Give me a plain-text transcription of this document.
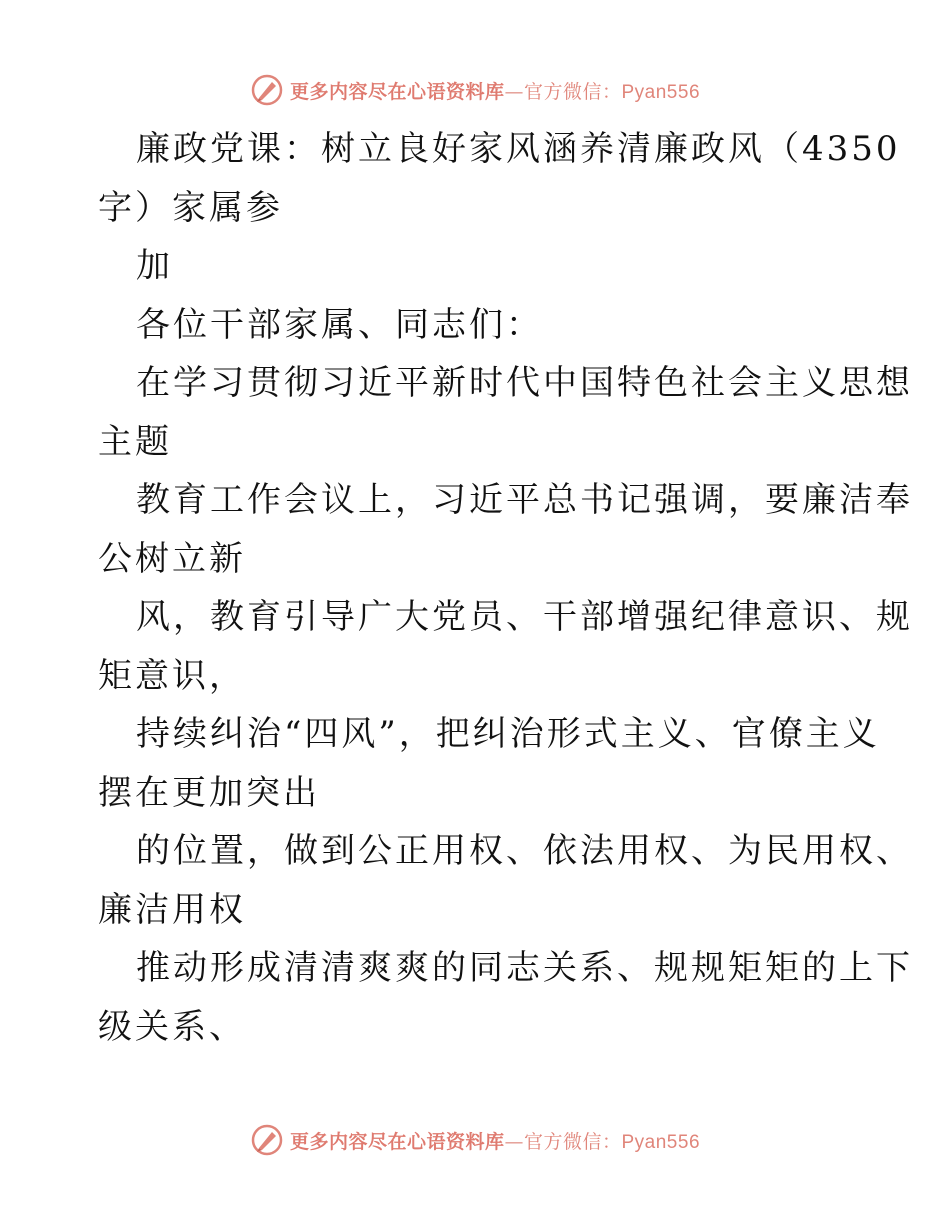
更多内容尽在心语资料库—官方微信：Pyan556
廉政党课：树立良好家风涵养清廉政风（4350
字）家属参
加
各位干部家属、同志们：
在学习贯彻习近平新时代中国特色社会主义思想
主题
教育工作会议上，习近平总书记强调，要廉洁奉
公树立新
风，教育引导广大党员、干部增强纪律意识、规
矩意识，
持续纠治“四风”，把纠治形式主义、官僚主义
摆在更加突出
的位置，做到公正用权、依法用权、为民用权、
廉洁用权
推动形成清清爽爽的同志关系、规规矩矩的上下
级关系、
更多内容尽在心语资料库—官方微信：Pyan556
